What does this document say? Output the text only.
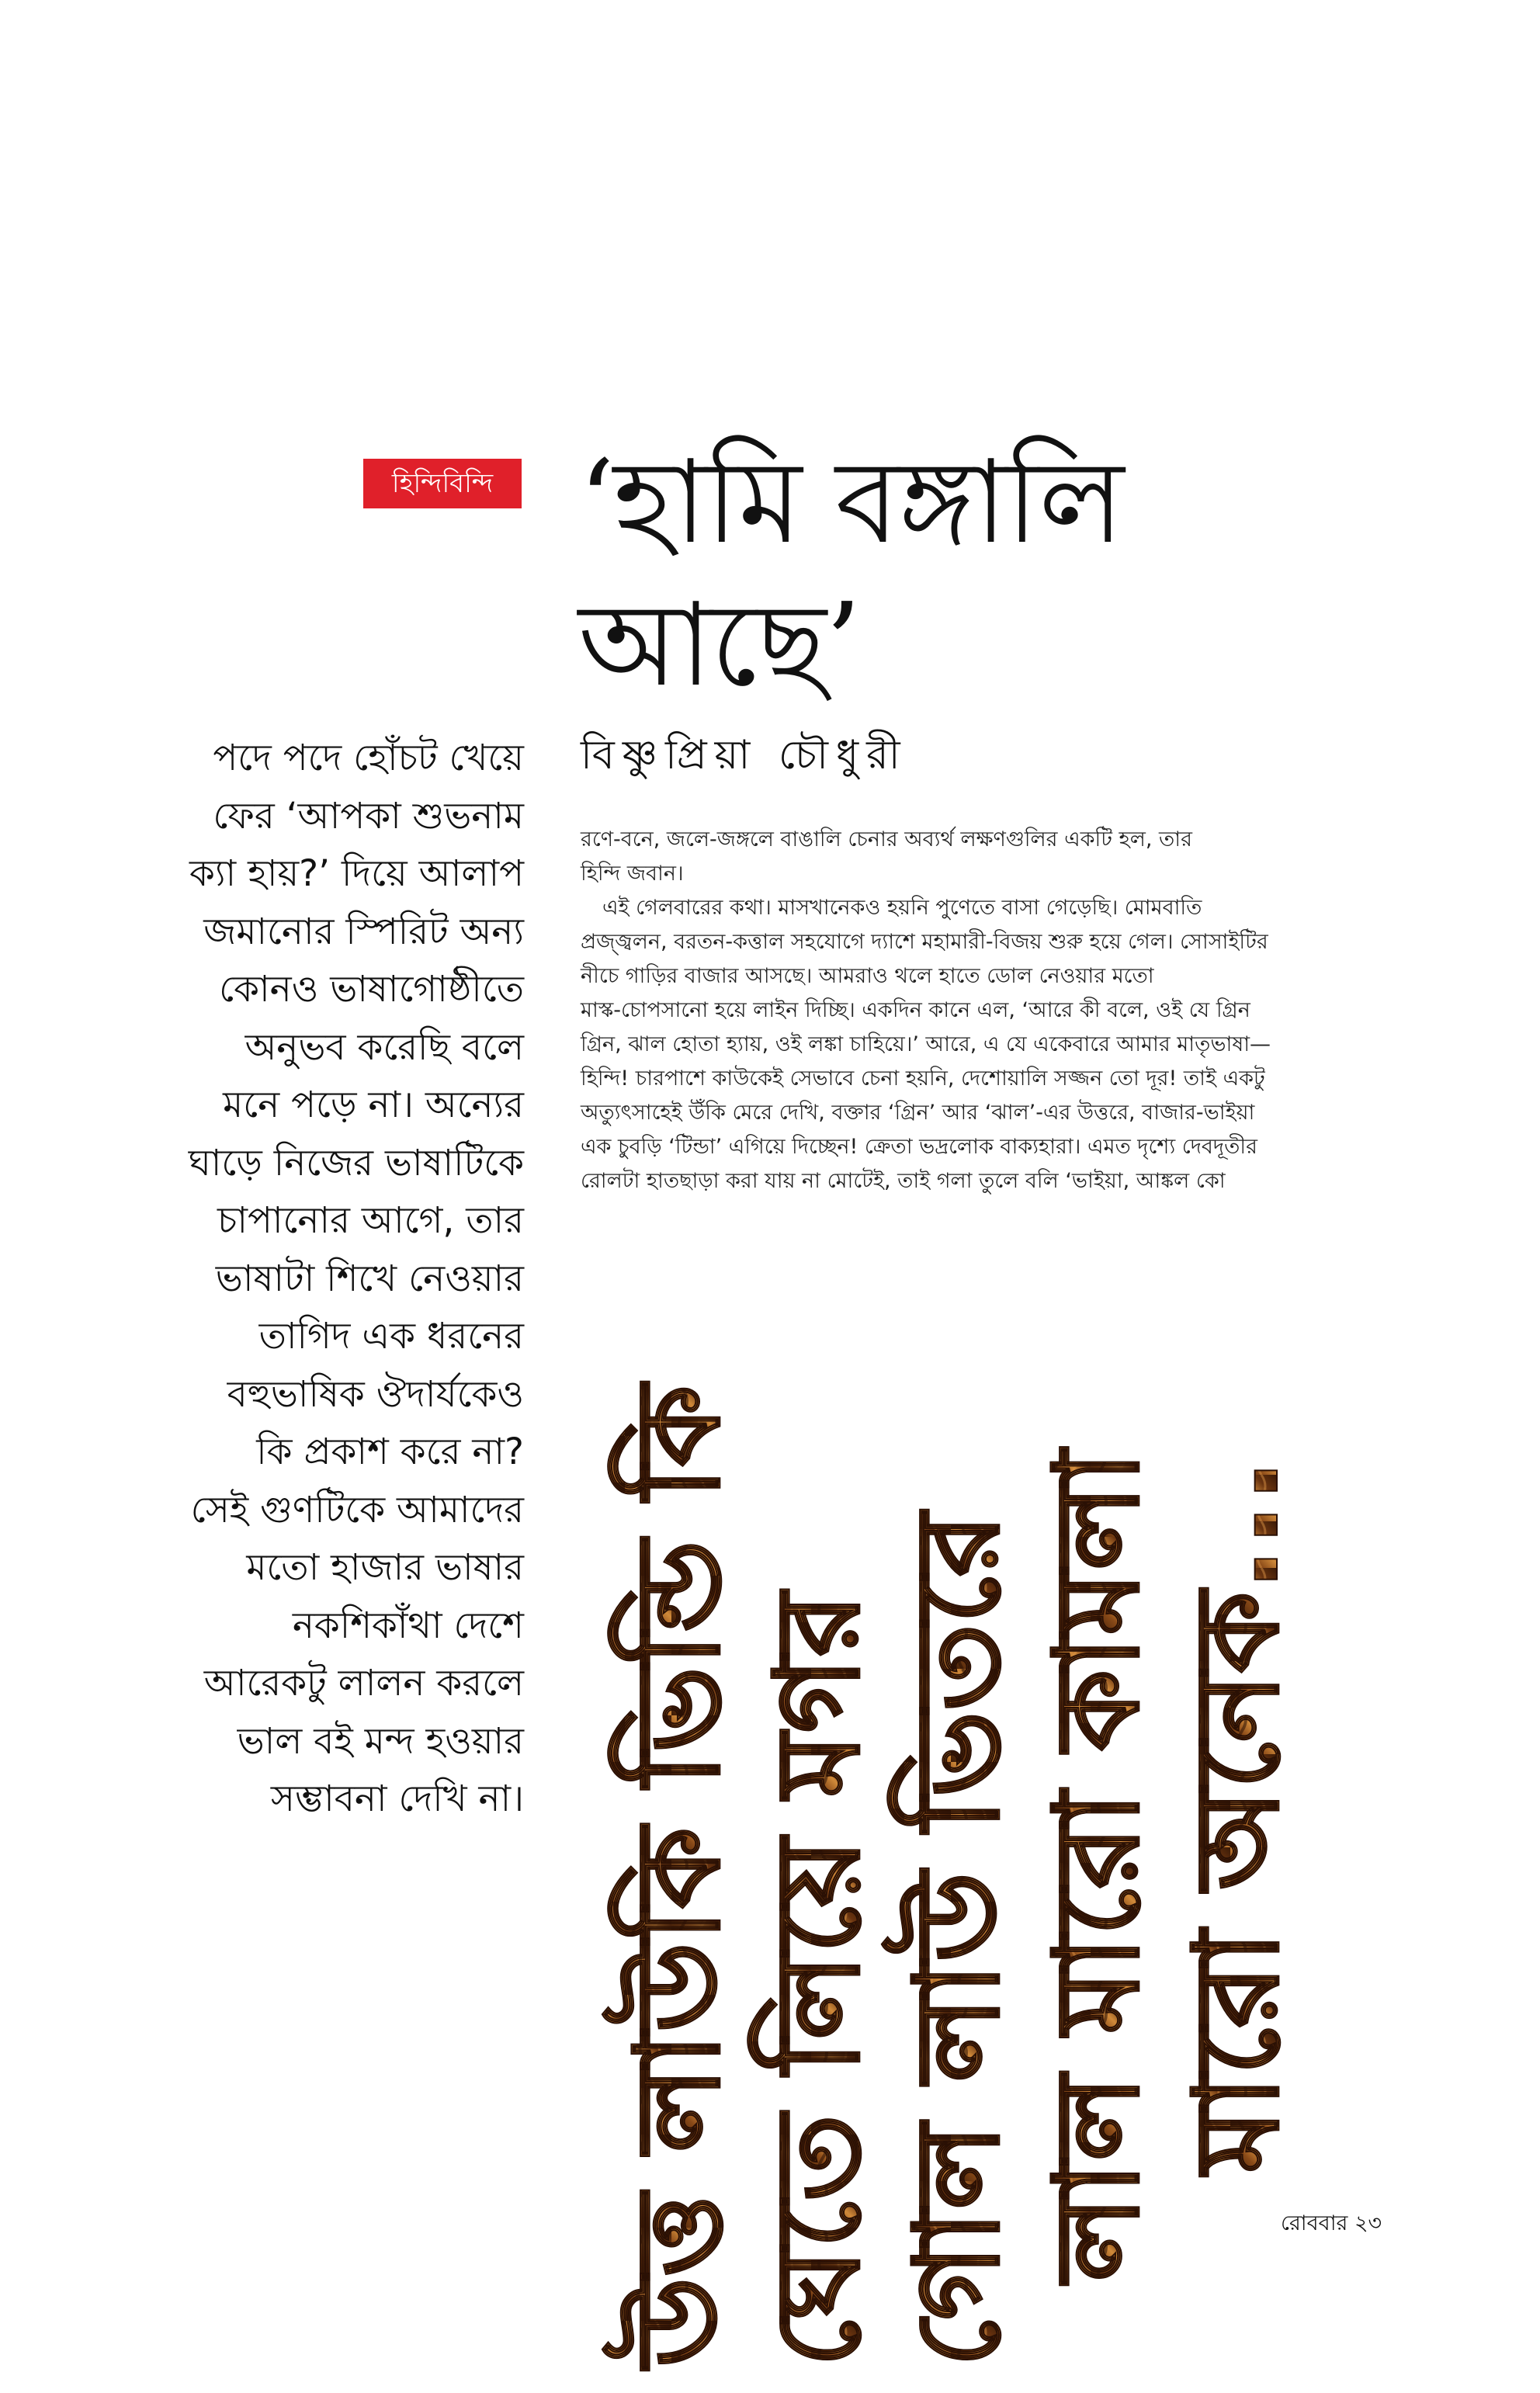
হিন্দিবিন্দি ‘হামি বঙ্গালি
আছে’
বিষ্ণুপ্রিয়া চৌধুরী

পদে পদে হোঁচট খেয়ে
ফের ‘আপকা শুভনাম
ক্যা হায়?’ দিয়ে আলাপ
জমানোর স্পিরিট অন্য
কোনও ভাষাগোষ্ঠীতে
অনুভব করেছি বলে
মনে পড়ে না। অন্যের
ঘাড়ে নিজের ভাষাটিকে
চাপানোর আগে, তার
ভাষাটা শিখে নেওয়ার
তাগিদ এক ধরনের
বহুভাষিক ঔদার্যকেও
কি প্রকাশ করে না?
সেই গুণটিকে আমাদের
মতো হাজার ভাষার
নকশিকাঁথা দেশে
আরেকটু লালন করলে
ভাল বই মন্দ হওয়ার
সম্ভাবনা দেখি না।

রণে-বনে, জলে-জঙ্গলে বাঙালি চেনার অব্যর্থ লক্ষণগুলির একটি হল, তার
হিন্দি জবান।
এই গেলবারের কথা। মাসখানেকও হয়নি পুণেতে বাসা গেড়েছি। মোমবাতি
প্রজ্জ্বলন, বরতন-কত্তাল সহযোগে দ্যাশে মহামারী-বিজয় শুরু হয়ে গেল। সোসাইটির
নীচে গাড়ির বাজার আসছে। আমরাও থলে হাতে ডোল নেওয়ার মতো
মাস্ক-চোপসানো হয়ে লাইন দিচ্ছি। একদিন কানে এল, ‘আরে কী বলে, ওই যে গ্রিন
গ্রিন, ঝাল হোতা হ্যায়, ওই লঙ্কা চাহিয়ে।’ আরে, এ যে একেবারে আমার মাতৃভাষা—
হিন্দি! চারপাশে কাউকেই সেভাবে চেনা হয়নি, দেশোয়ালি সজ্জন তো দূর! তাই একটু
অত্যুৎসাহেই উঁকি মেরে দেখি, বক্তার ‘গ্রিন’ আর ‘ঝাল’-এর উত্তরে, বাজার-ভাইয়া
এক চুবড়ি ‘টিন্ডা’ এগিয়ে দিচ্ছেন! ক্রেতা ভদ্রলোক বাক্যহারা। এমত দৃশ্যে দেবদূতীর
রোলটা হাতছাড়া করা যায় না মোটেই, তাই গলা তুলে বলি ‘ভাইয়া, আঙ্কল কো

উত্ত লাউকি ভিন্ডি কি ঘেতে লিয়ে মগর গোল লাউ ভিতরে লাল মারো কামলা মারো অনেক...
রোববার ২৩
